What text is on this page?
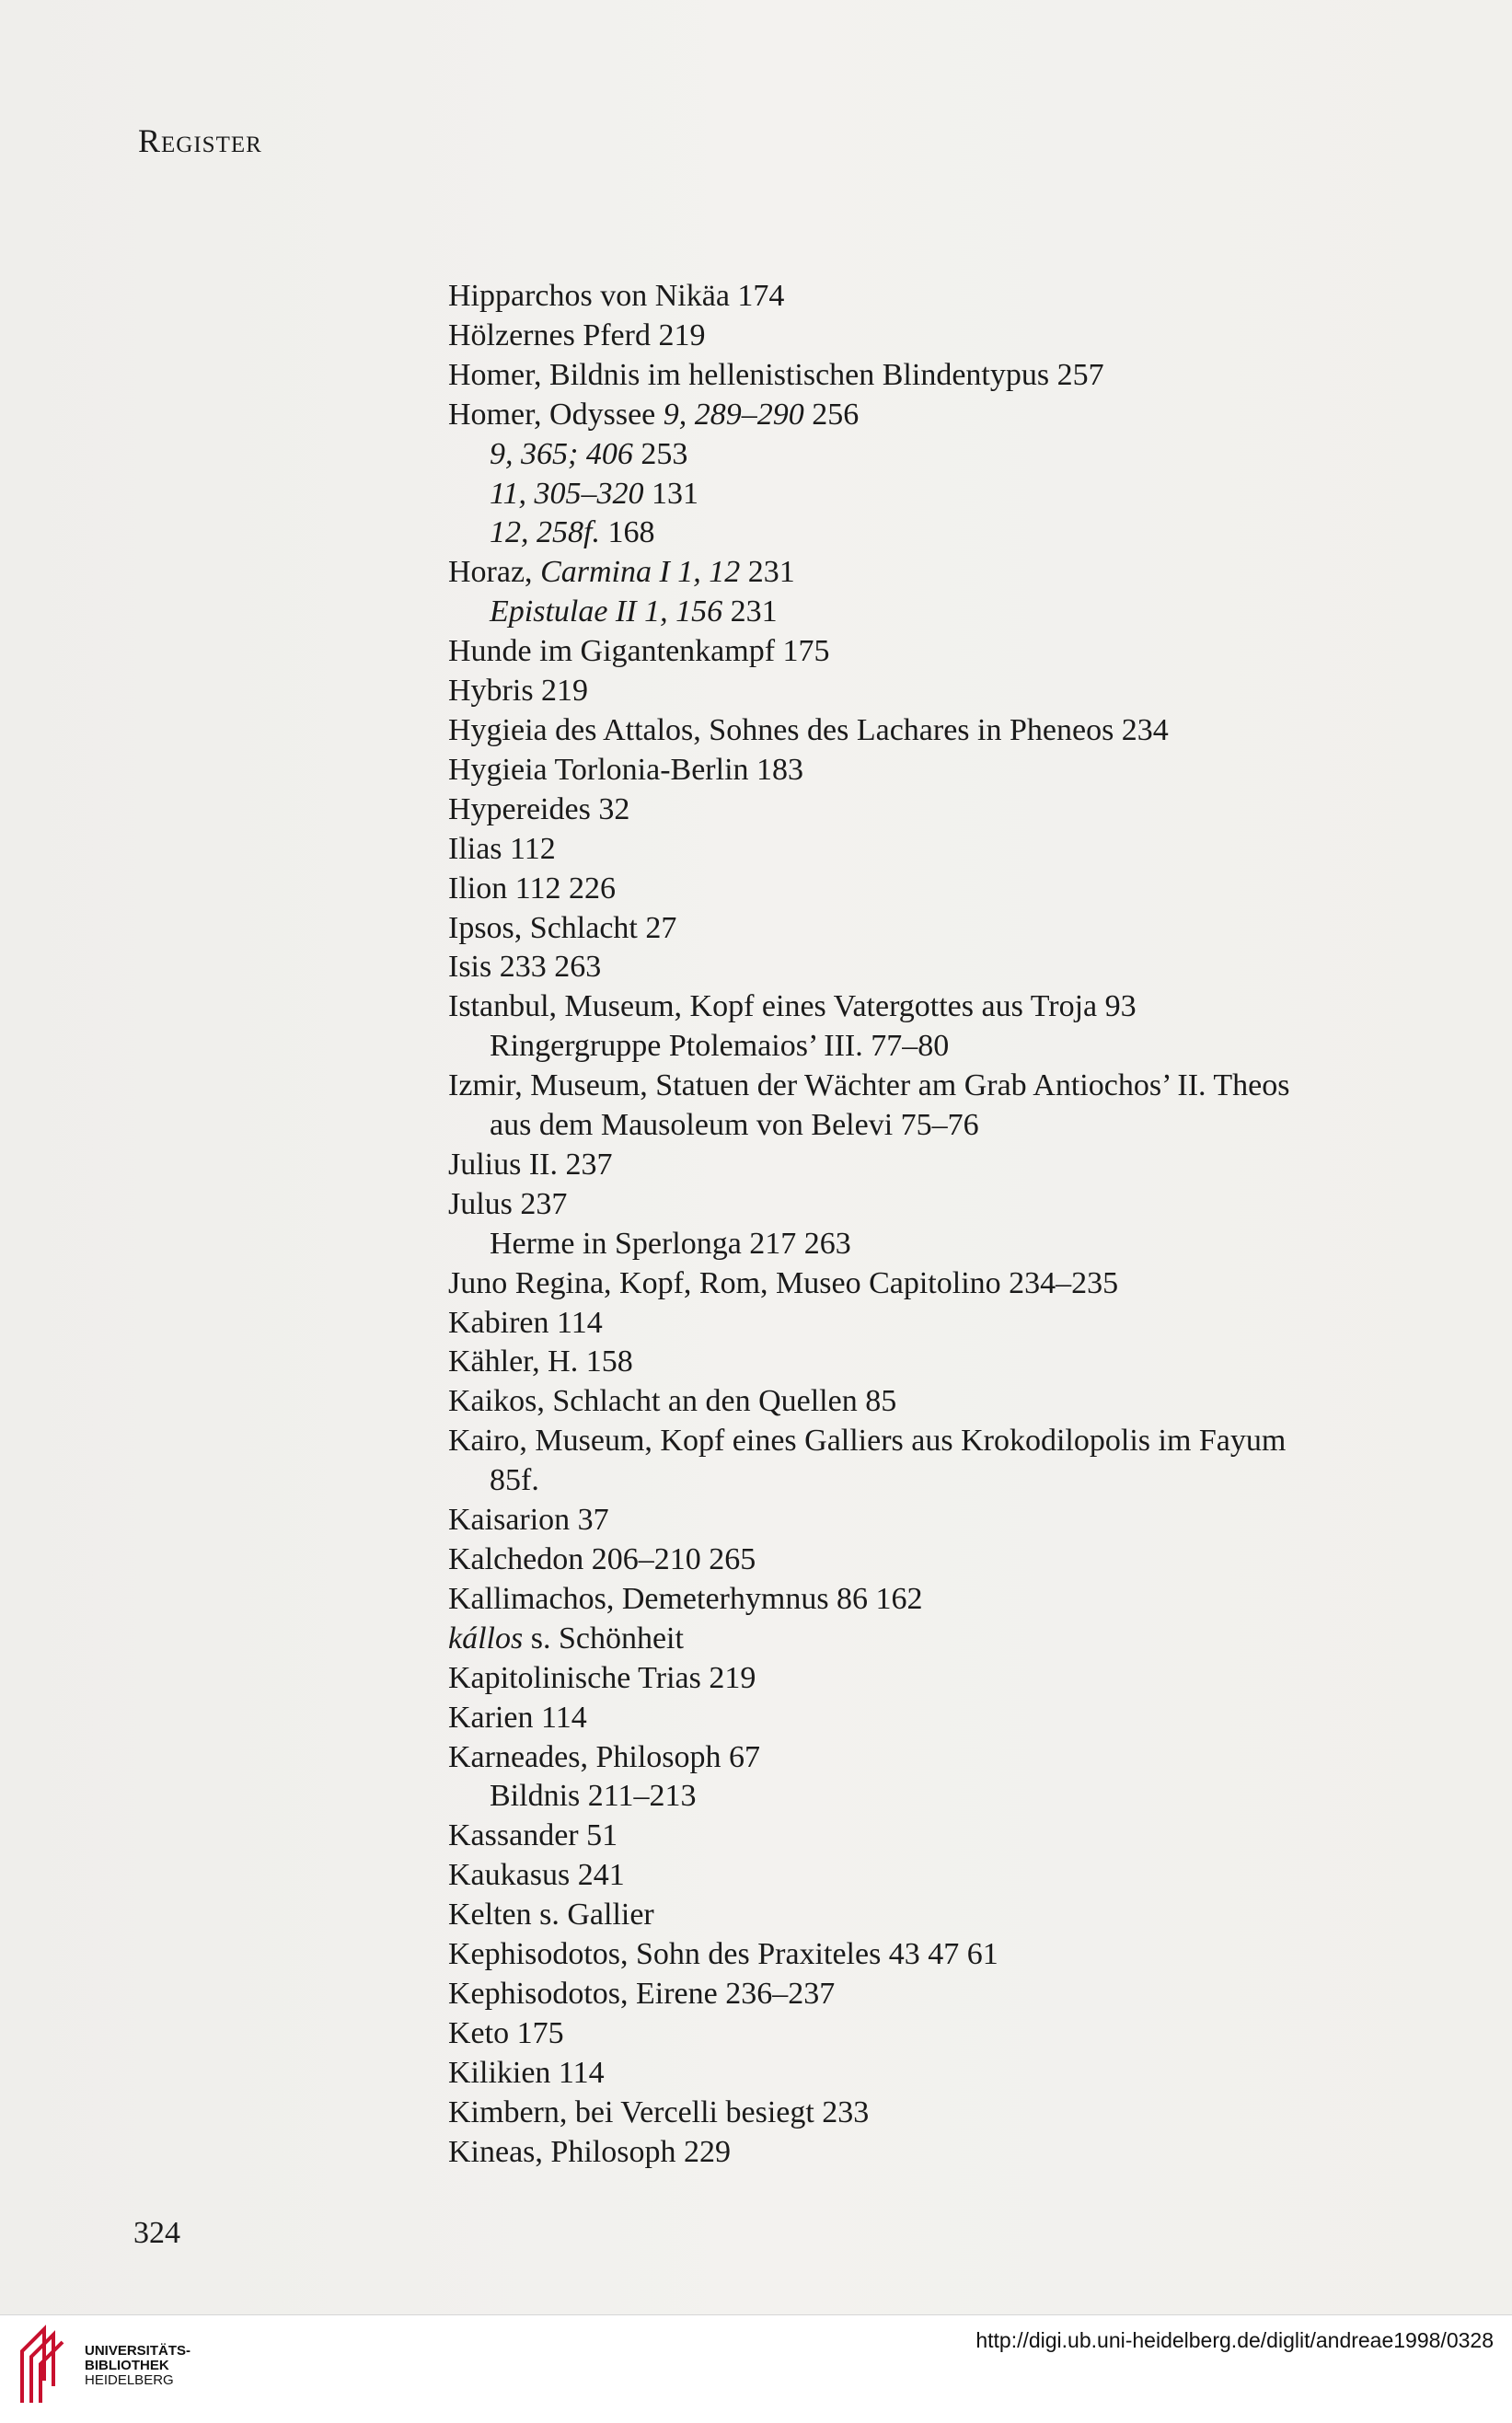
Register
Hipparchos von Nikäa 174
Hölzernes Pferd 219
Homer, Bildnis im hellenistischen Blindentypus 257
Homer, Odyssee 9, 289–290 256
9, 365; 406 253
11, 305–320 131
12, 258f. 168
Horaz, Carmina I 1, 12 231
Epistulae II 1, 156 231
Hunde im Gigantenkampf 175
Hybris 219
Hygieia des Attalos, Sohnes des Lachares in Pheneos 234
Hygieia Torlonia-Berlin 183
Hypereides 32
Ilias 112
Ilion 112 226
Ipsos, Schlacht 27
Isis 233 263
Istanbul, Museum, Kopf eines Vatergottes aus Troja 93
Ringergruppe Ptolemaios’ III. 77–80
Izmir, Museum, Statuen der Wächter am Grab Antiochos’ II. Theos
aus dem Mausoleum von Belevi 75–76
Julius II. 237
Julus 237
Herme in Sperlonga 217 263
Juno Regina, Kopf, Rom, Museo Capitolino 234–235
Kabiren 114
Kähler, H. 158
Kaikos, Schlacht an den Quellen 85
Kairo, Museum, Kopf eines Galliers aus Krokodilopolis im Fayum
85f.
Kaisarion 37
Kalchedon 206–210 265
Kallimachos, Demeterhymnus 86 162
kállos s. Schönheit
Kapitolinische Trias 219
Karien 114
Karneades, Philosoph 67
Bildnis 211–213
Kassander 51
Kaukasus 241
Kelten s. Gallier
Kephisodotos, Sohn des Praxiteles 43 47 61
Kephisodotos, Eirene 236–237
Keto 175
Kilikien 114
Kimbern, bei Vercelli besiegt 233
Kineas, Philosoph 229
324
UNIVERSITÄTS-
BIBLIOTHEK
HEIDELBERG
http://digi.ub.uni-heidelberg.de/diglit/andreae1998/0328
